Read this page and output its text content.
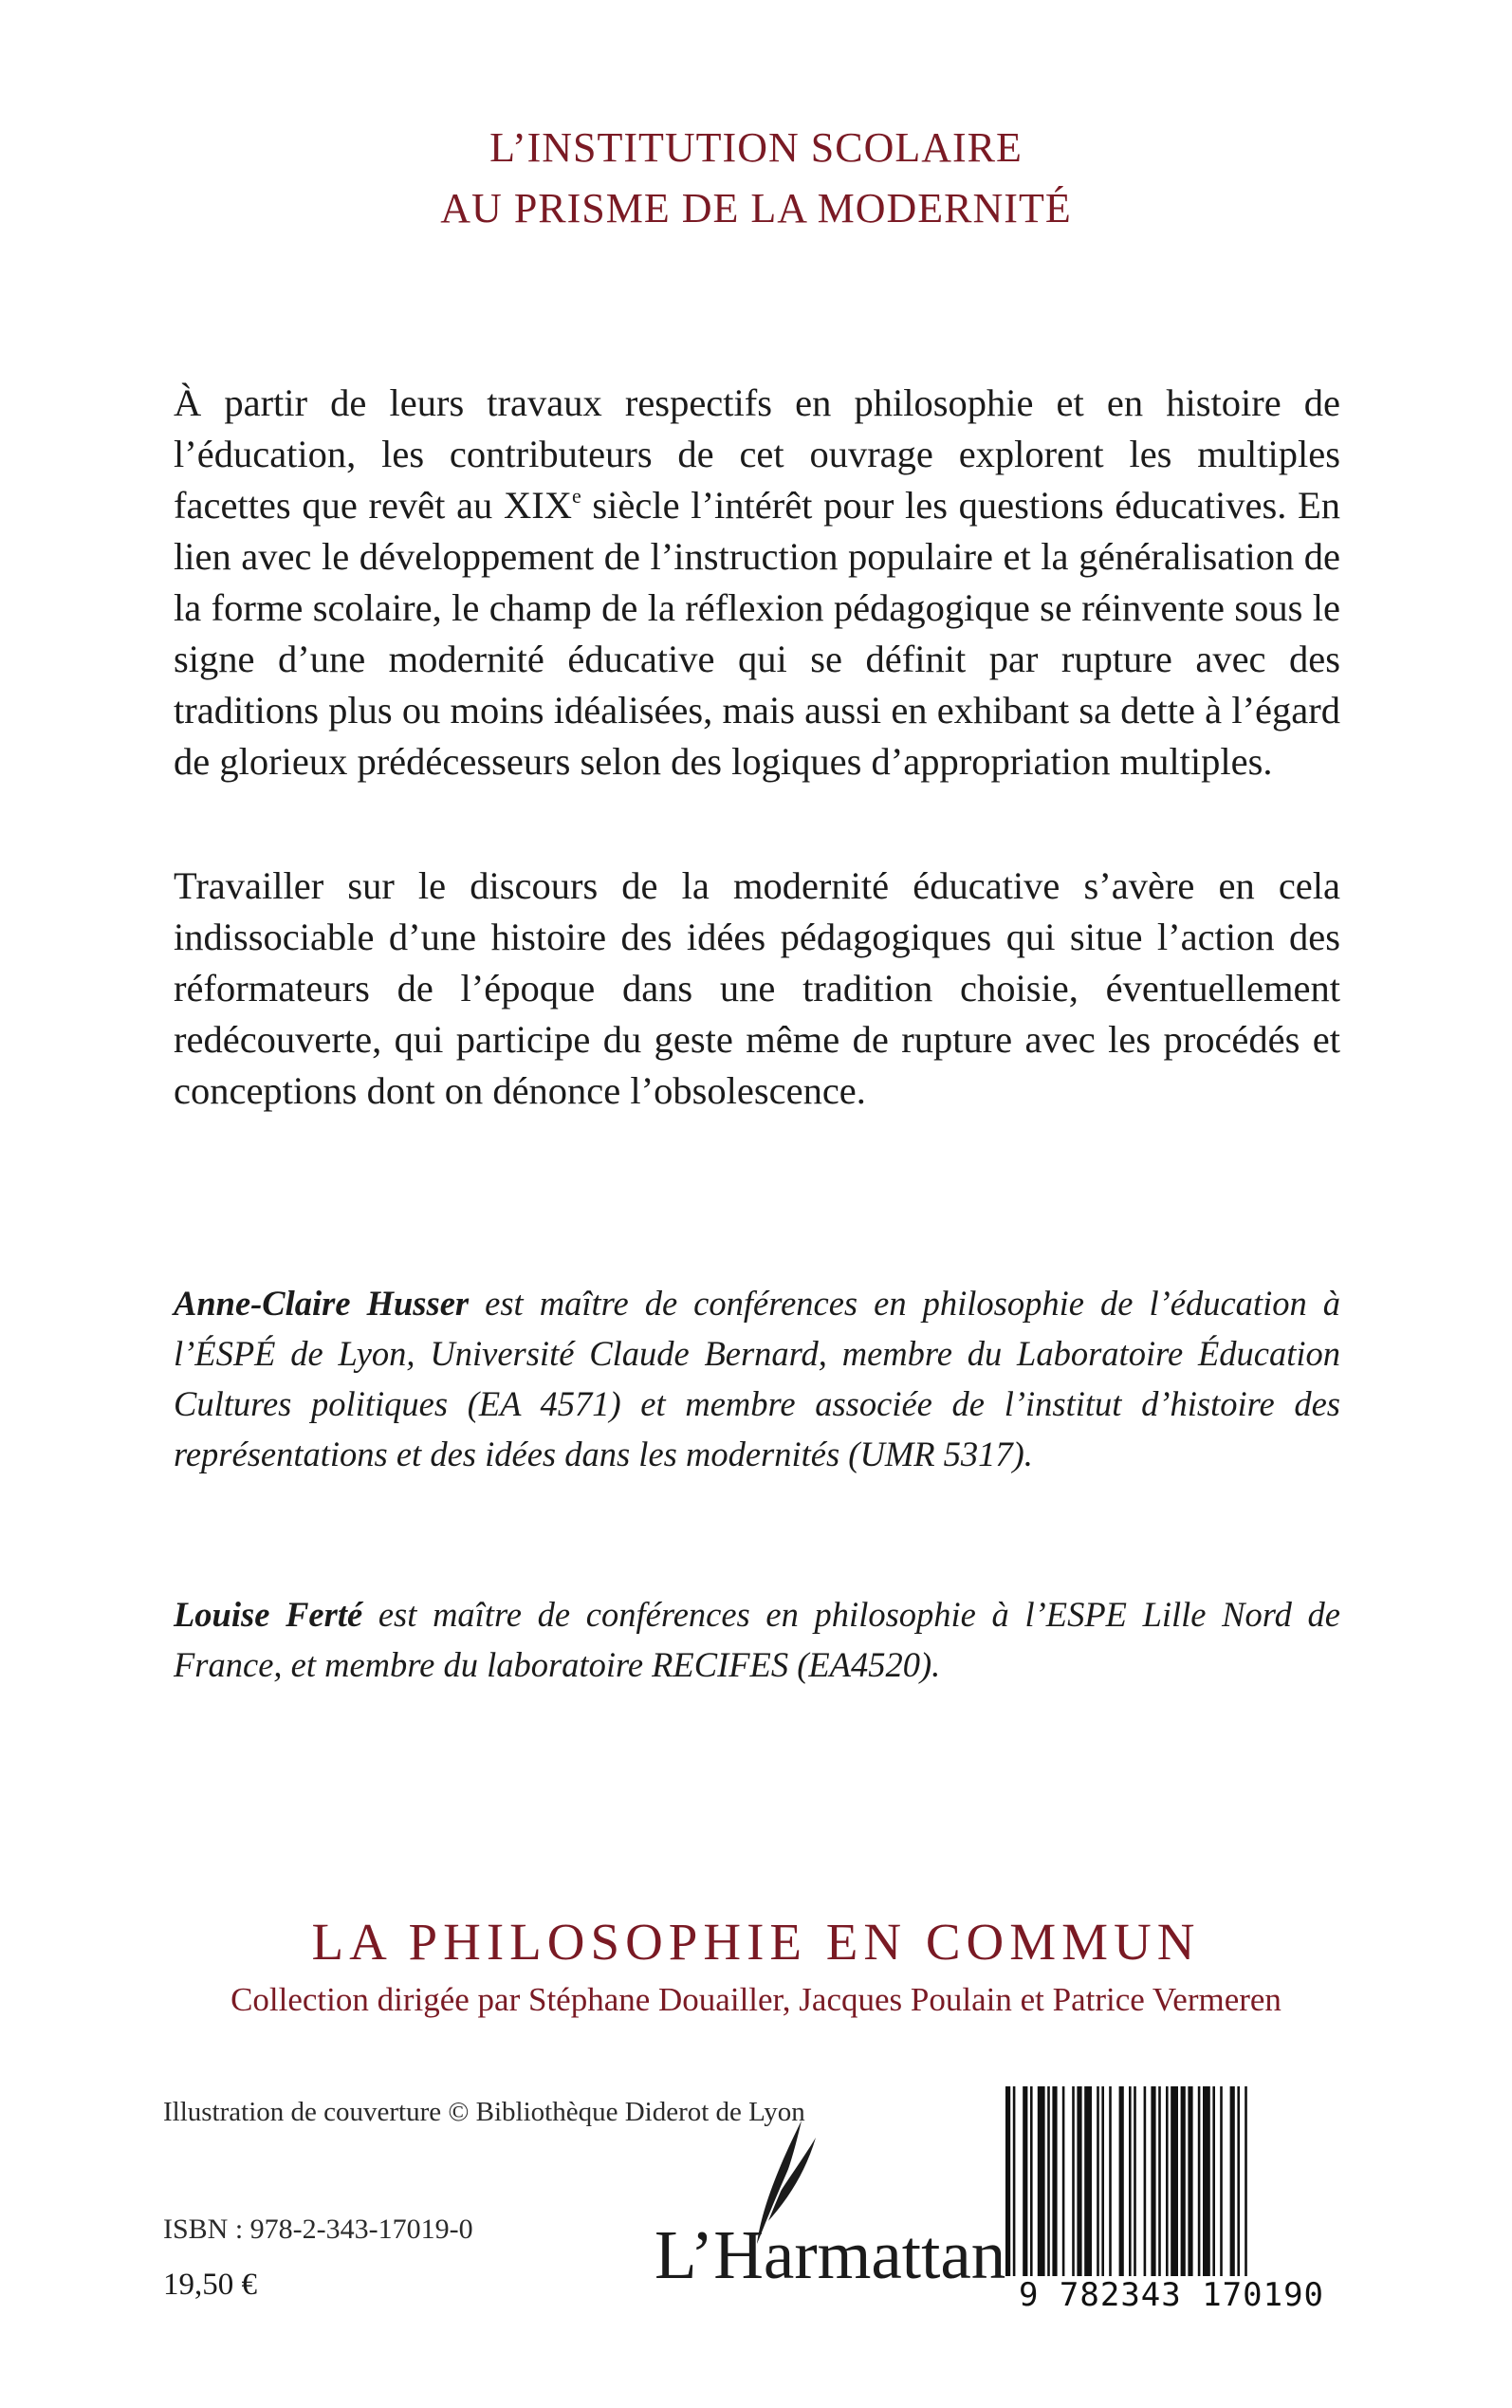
L’INSTITUTION SCOLAIRE
AU PRISME DE LA MODERNITÉ

À partir de leurs travaux respectifs en philosophie et en histoire de l’éducation, les contributeurs de cet ouvrage explorent les multiples facettes que revêt au XIXe siècle l’intérêt pour les questions éducatives. En lien avec le développement de l’instruction populaire et la généralisation de la forme scolaire, le champ de la réflexion pédagogique se réinvente sous le signe d’une modernité éducative qui se définit par rupture avec des traditions plus ou moins idéalisées, mais aussi en exhibant sa dette à l’égard de glorieux prédécesseurs selon des logiques d’appropriation multiples.

Travailler sur le discours de la modernité éducative s’avère en cela indissociable d’une histoire des idées pédagogiques qui situe l’action des réformateurs de l’époque dans une tradition choisie, éventuellement redécouverte, qui participe du geste même de rupture avec les procédés et conceptions dont on dénonce l’obsolescence.

Anne-Claire Husser est maître de conférences en philosophie de l’éducation à l’ÉSPÉ de Lyon, Université Claude Bernard, membre du Laboratoire Éducation Cultures politiques (EA 4571) et membre associée de l’institut d’histoire des représentations et des idées dans les modernités (UMR 5317).

Louise Ferté est maître de conférences en philosophie à l’ESPE Lille Nord de France, et membre du laboratoire RECIFES (EA4520).

LA PHILOSOPHIE EN COMMUN
Collection dirigée par Stéphane Douailler, Jacques Poulain et Patrice Vermeren
Illustration de couverture © Bibliothèque Diderot de Lyon
ISBN : 978-2-343-17019-0
19,50 €	L’Harmattan
9 782343 170190
